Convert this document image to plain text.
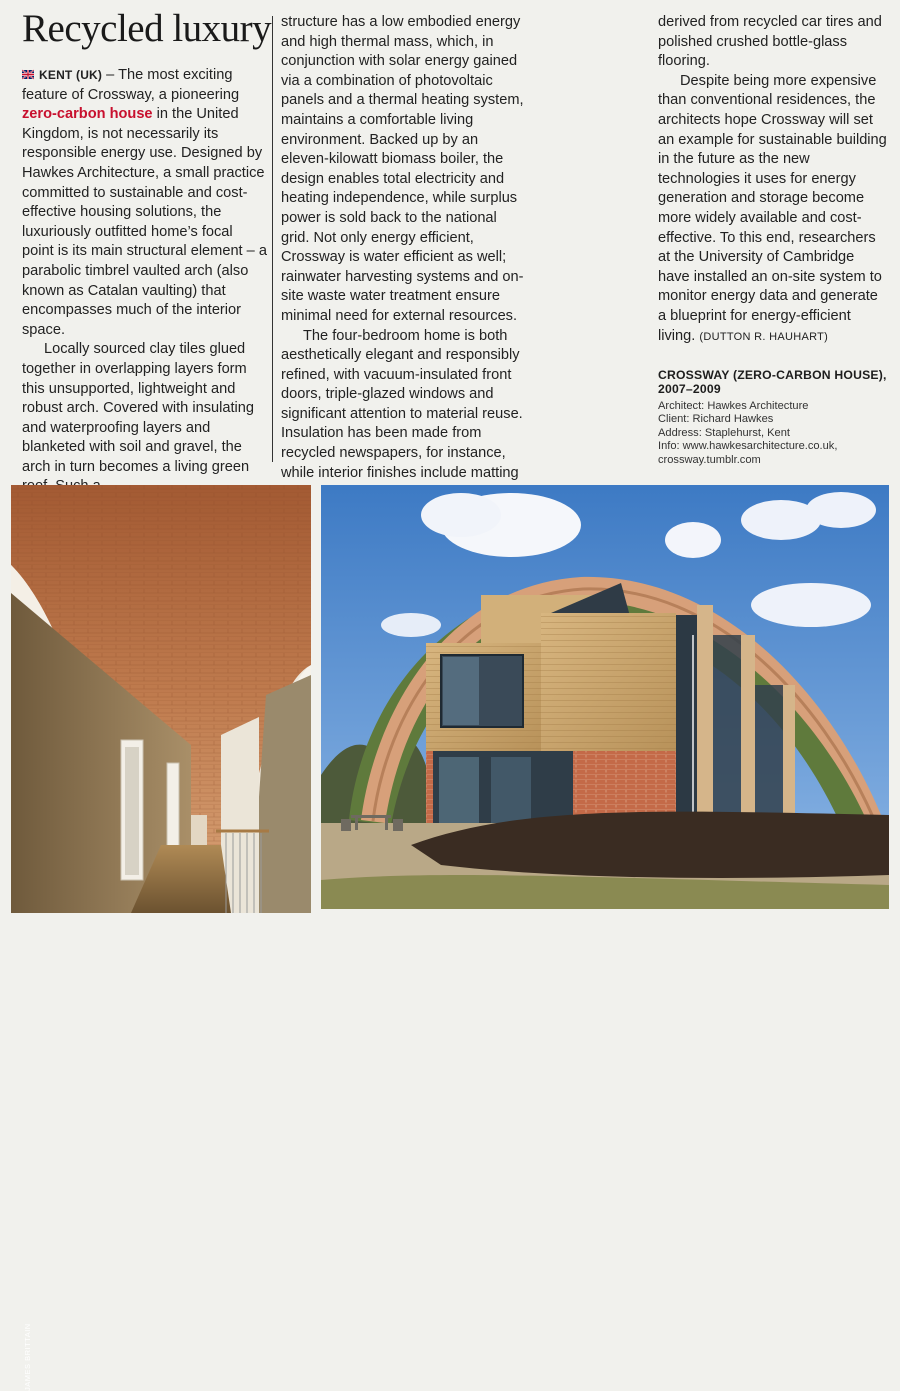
Recycled luxury

KENT (UK) – The most exciting feature of Crossway, a pioneering zero-carbon house in the United Kingdom, is not necessarily its responsible energy use. Designed by Hawkes Architecture, a small practice committed to sustainable and cost-effective housing solutions, the luxuriously outfitted home’s focal point is its main structural element – a parabolic timbrel vaulted arch (also known as Catalan vaulting) that encompasses much of the interior space.

Locally sourced clay tiles glued together in overlapping layers form this unsupported, lightweight and robust arch. Covered with insulating and waterproofing layers and blanketed with soil and gravel, the arch in turn becomes a living green

structure has a low embodied energy and high thermal mass, which, in conjunction with solar energy gained via a combination of photovoltaic panels and a thermal heating system, maintains a comfortable living environment. Backed up by an eleven-kilowatt biomass boiler, the design enables total electricity and heating independence, while surplus power is sold back to the national grid. Not only energy efficient, Crossway is water efficient as well; rainwater harvesting systems and on-site waste water treatment ensure minimal need for external resources.

The four-bedroom home is both aesthetically elegant and responsibly refined, with vacuum-insulated front doors, triple-glazed windows and significant attention to material reuse. Insulation has been made from recycled newspapers, for instance, while interior finishes include matting

derived from recycled car tires and polished crushed bottle-glass flooring.

Despite being more expensive than conventional residences, the architects hope Crossway will set an example for sustainable building in the future as the new technologies it uses for energy generation and storage become more widely available and cost-effective. To this end, researchers at the University of Cambridge have installed an on-site system to monitor energy data and generate a blueprint for energy-efficient living. (DUTTON R. HAUHART)

CROSSWAY (ZERO-CARBON HOUSE), 2007–2009

Architect: Hawkes Architecture

Client: Richard Hawkes

Address: Staplehurst, Kent

Info: www.hawkesarchitecture.co.uk,

crossway.tumblr.com

JAMES BRITTAIN
